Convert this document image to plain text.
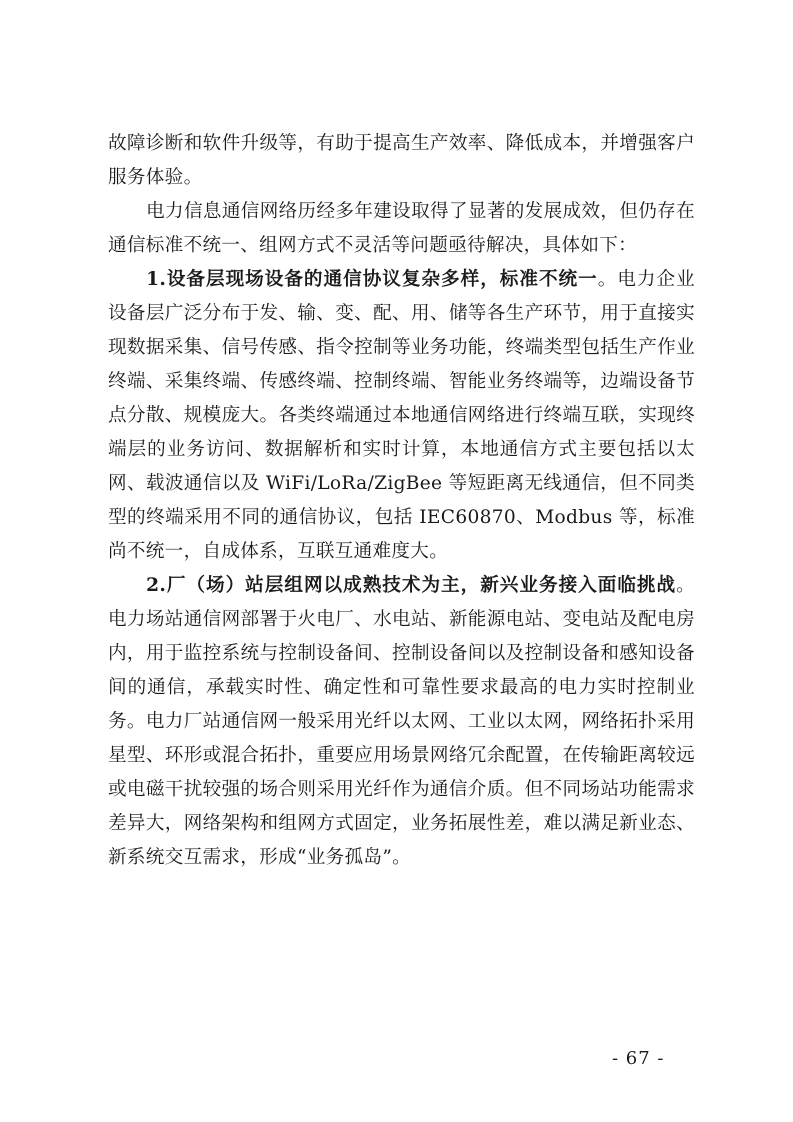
故障诊断和软件升级等，有助于提高生产效率、降低成本，并增强客户服务体验。

电力信息通信网络历经多年建设取得了显著的发展成效，但仍存在通信标准不统一、组网方式不灵活等问题亟待解决，具体如下：

1.设备层现场设备的通信协议复杂多样，标准不统一。电力企业设备层广泛分布于发、输、变、配、用、储等各生产环节，用于直接实现数据采集、信号传感、指令控制等业务功能，终端类型包括生产作业终端、采集终端、传感终端、控制终端、智能业务终端等，边端设备节点分散、规模庞大。各类终端通过本地通信网络进行终端互联，实现终端层的业务访问、数据解析和实时计算，本地通信方式主要包括以太网、载波通信以及 WiFi/LoRa/ZigBee 等短距离无线通信，但不同类型的终端采用不同的通信协议，包括 IEC60870、Modbus 等，标准尚不统一，自成体系，互联互通难度大。

2.厂（场）站层组网以成熟技术为主，新兴业务接入面临挑战。电力场站通信网部署于火电厂、水电站、新能源电站、变电站及配电房内，用于监控系统与控制设备间、控制设备间以及控制设备和感知设备间的通信，承载实时性、确定性和可靠性要求最高的电力实时控制业务。电力厂站通信网一般采用光纤以太网、工业以太网，网络拓扑采用星型、环形或混合拓扑，重要应用场景网络冗余配置，在传输距离较远或电磁干扰较强的场合则采用光纤作为通信介质。但不同场站功能需求差异大，网络架构和组网方式固定，业务拓展性差，难以满足新业态、新系统交互需求，形成“业务孤岛”。

- 67 -
